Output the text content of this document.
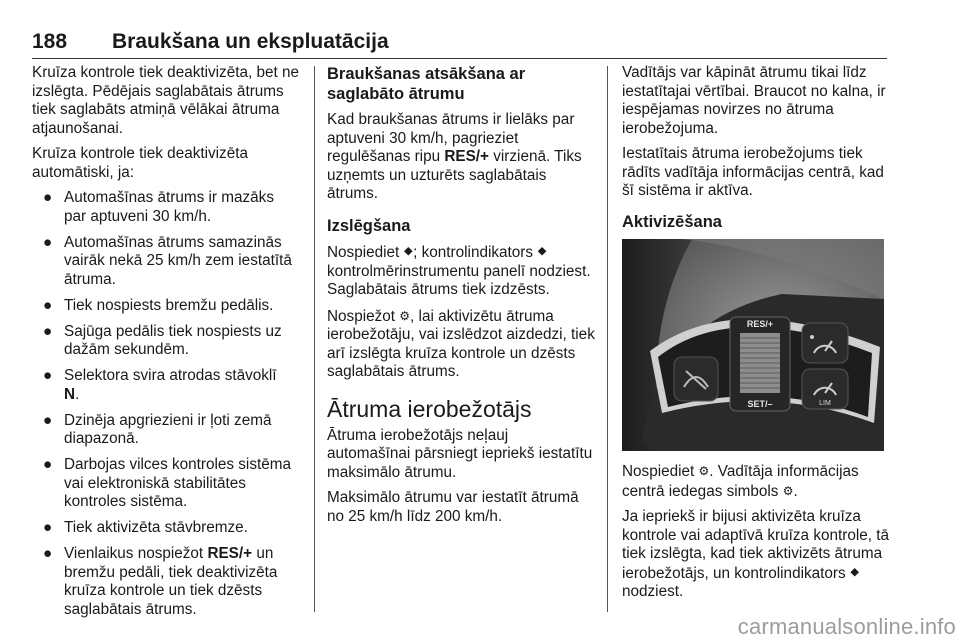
188 Braukšana un ekspluatācija

Kruīza kontrole tiek deaktivizēta, bet ne izslēgta. Pēdējais saglabātais ātrums tiek saglabāts atmiņā vēlākai ātruma atjaunošanai.

Kruīza kontrole tiek deaktivizēta automātiski, ja:

● Automašīnas ātrums ir mazāks par aptuveni 30 km/h.
● Automašīnas ātrums samazinās vairāk nekā 25 km/h zem iestatītā ātruma.
● Tiek nospiests bremžu pedālis.
● Sajūga pedālis tiek nospiests uz dažām sekundēm.
● Selektora svira atrodas stāvoklī
N.
● Dzinēja apgriezieni ir ļoti zemā diapazonā.
● Darbojas vilces kontroles sistēma vai elektroniskā stabilitātes kontroles sistēma.
● Tiek aktivizēta stāvbremze.
● Vienlaikus nospiežot RES/+ un bremžu pedāli, tiek deaktivizēta kruīza kontrole un tiek dzēsts saglabātais ātrums.
Braukšanas atsākšana ar saglabāto ātrumu

Kad braukšanas ātrums ir lielāks par aptuveni 30 km/h, pagrieziet regulēšanas ripu RES/+ virzienā. Tiks uzņemts un uzturēts saglabātais ātrums.

Izslēgšana

Nospiediet ⯁; kontrolindikators ⯁ kontrolmērinstrumentu panelī nodziest. Saglabātais ātrums tiek izdzēsts.

Nospiežot ⚙, lai aktivizētu ātruma ierobežotāju, vai izslēdzot aizdedzi, tiek arī izslēgta kruīza kontrole un dzēsts saglabātais ātrums.

Ātruma ierobežotājs

Ātruma ierobežotājs neļauj automašīnai pārsniegt iepriekš iestatītu maksimālo ātrumu.

Maksimālo ātrumu var iestatīt ātrumā no 25 km/h līdz 200 km/h.

Vadītājs var kāpināt ātrumu tikai līdz iestatītajai vērtībai. Braucot no kalna, ir iespējamas novirzes no ātruma ierobežojuma.

Iestatītais ātruma ierobežojums tiek rādīts vadītāja informācijas centrā, kad šī sistēma ir aktīva.

Aktivizēšana
RES/+
SET/–	LIM

Nospiediet ⚙. Vadītāja informācijas centrā iedegas simbols ⚙.

Ja iepriekš ir bijusi aktivizēta kruīza kontrole vai adaptīvā kruīza kontrole, tā tiek izslēgta, kad tiek aktivizēts ātruma ierobežotājs, un kontrolindikators ⯁ nodziest.

carmanualsonline.info
